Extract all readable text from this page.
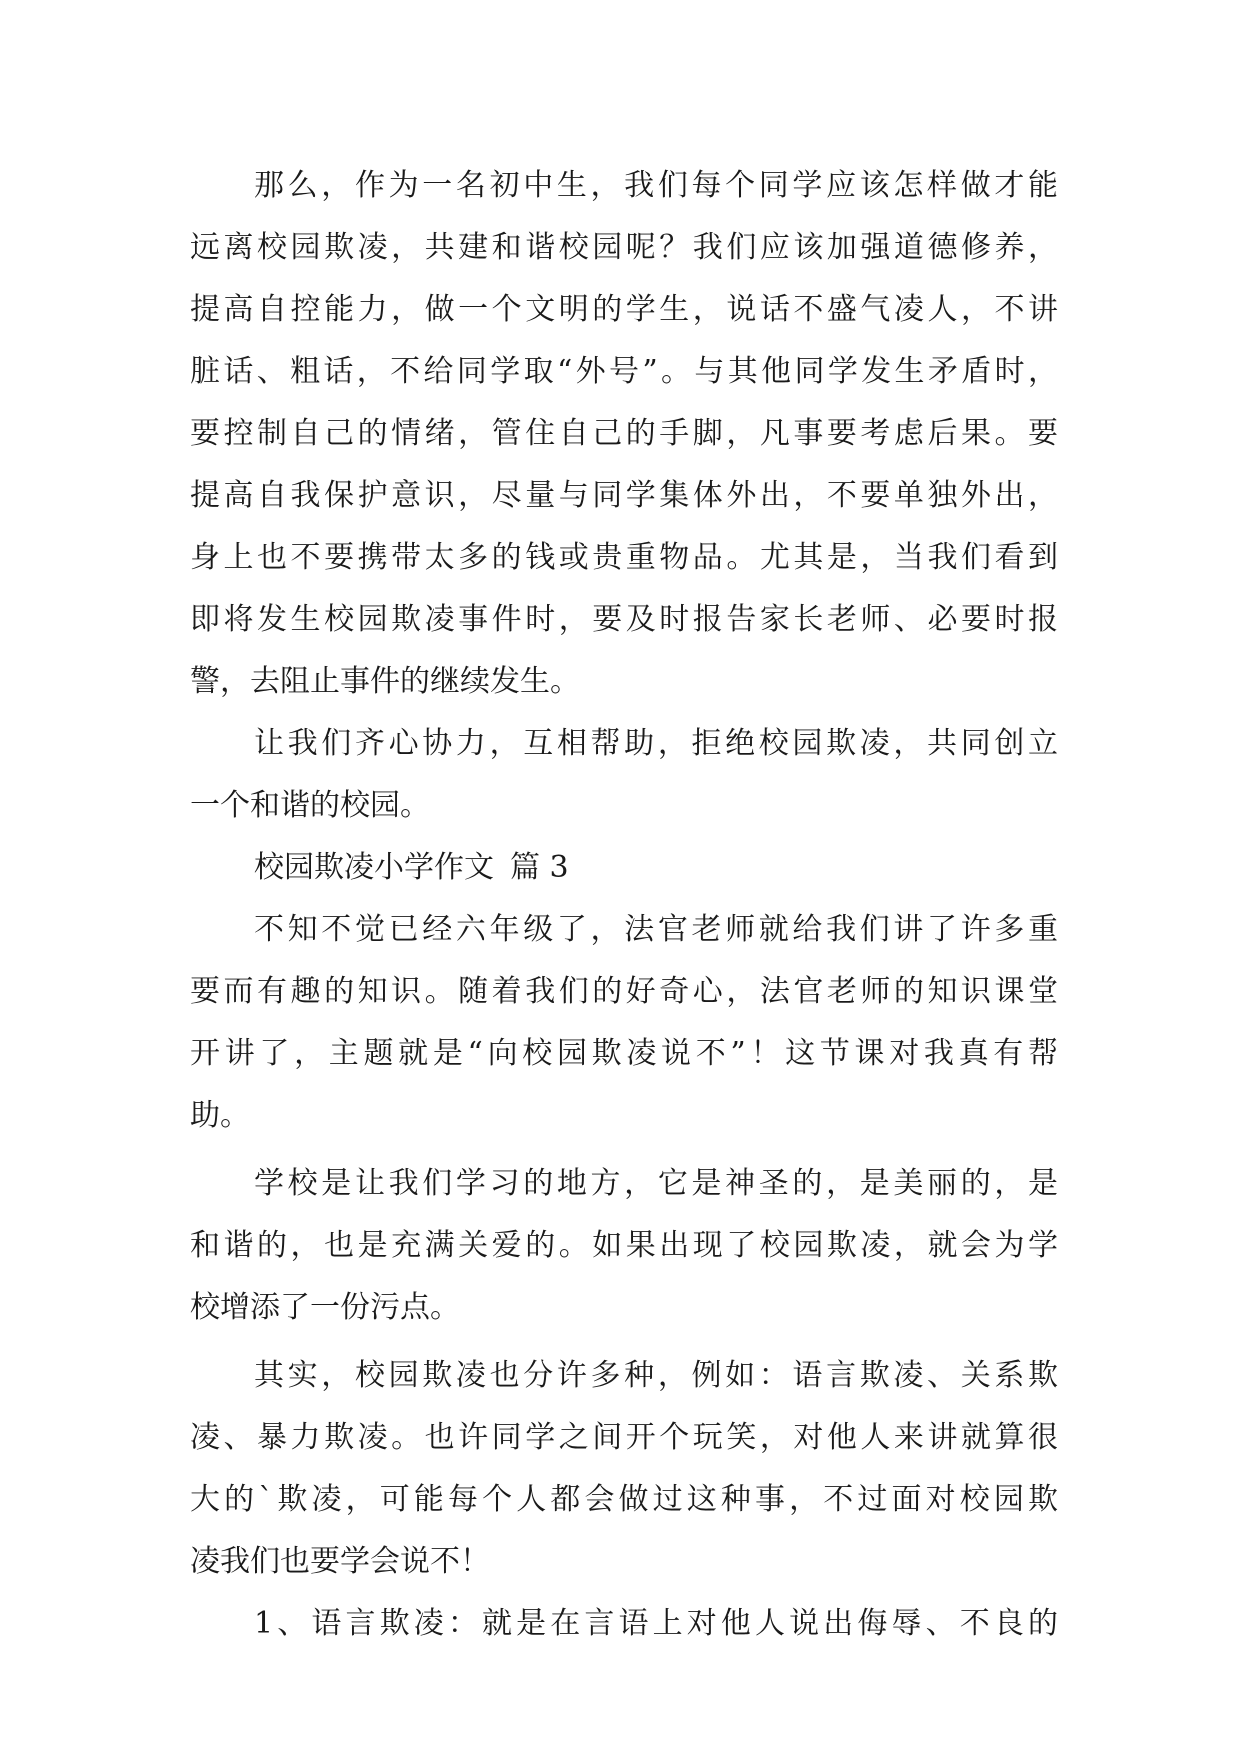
那么，作为一名初中生，我们每个同学应该怎样做才能
远离校园欺凌，共建和谐校园呢？我们应该加强道德修养，
提高自控能力，做一个文明的学生，说话不盛气凌人，不讲
脏话、粗话，不给同学取“外号”。与其他同学发生矛盾时，
要控制自己的情绪，管住自己的手脚，凡事要考虑后果。要
提高自我保护意识，尽量与同学集体外出，不要单独外出，
身上也不要携带太多的钱或贵重物品。尤其是，当我们看到
即将发生校园欺凌事件时，要及时报告家长老师、必要时报
警，去阻止事件的继续发生。
让我们齐心协力，互相帮助，拒绝校园欺凌，共同创立
一个和谐的校园。
校园欺凌小学作文 篇 3
不知不觉已经六年级了，法官老师就给我们讲了许多重
要而有趣的知识。随着我们的好奇心，法官老师的知识课堂
开讲了，主题就是“向校园欺凌说不”！这节课对我真有帮
助。
学校是让我们学习的地方，它是神圣的，是美丽的，是
和谐的，也是充满关爱的。如果出现了校园欺凌，就会为学
校增添了一份污点。
其实，校园欺凌也分许多种，例如：语言欺凌、关系欺
凌、暴力欺凌。也许同学之间开个玩笑，对他人来讲就算很
大的`欺凌，可能每个人都会做过这种事，不过面对校园欺
凌我们也要学会说不！
1、语言欺凌：就是在言语上对他人说出侮辱、不良的
